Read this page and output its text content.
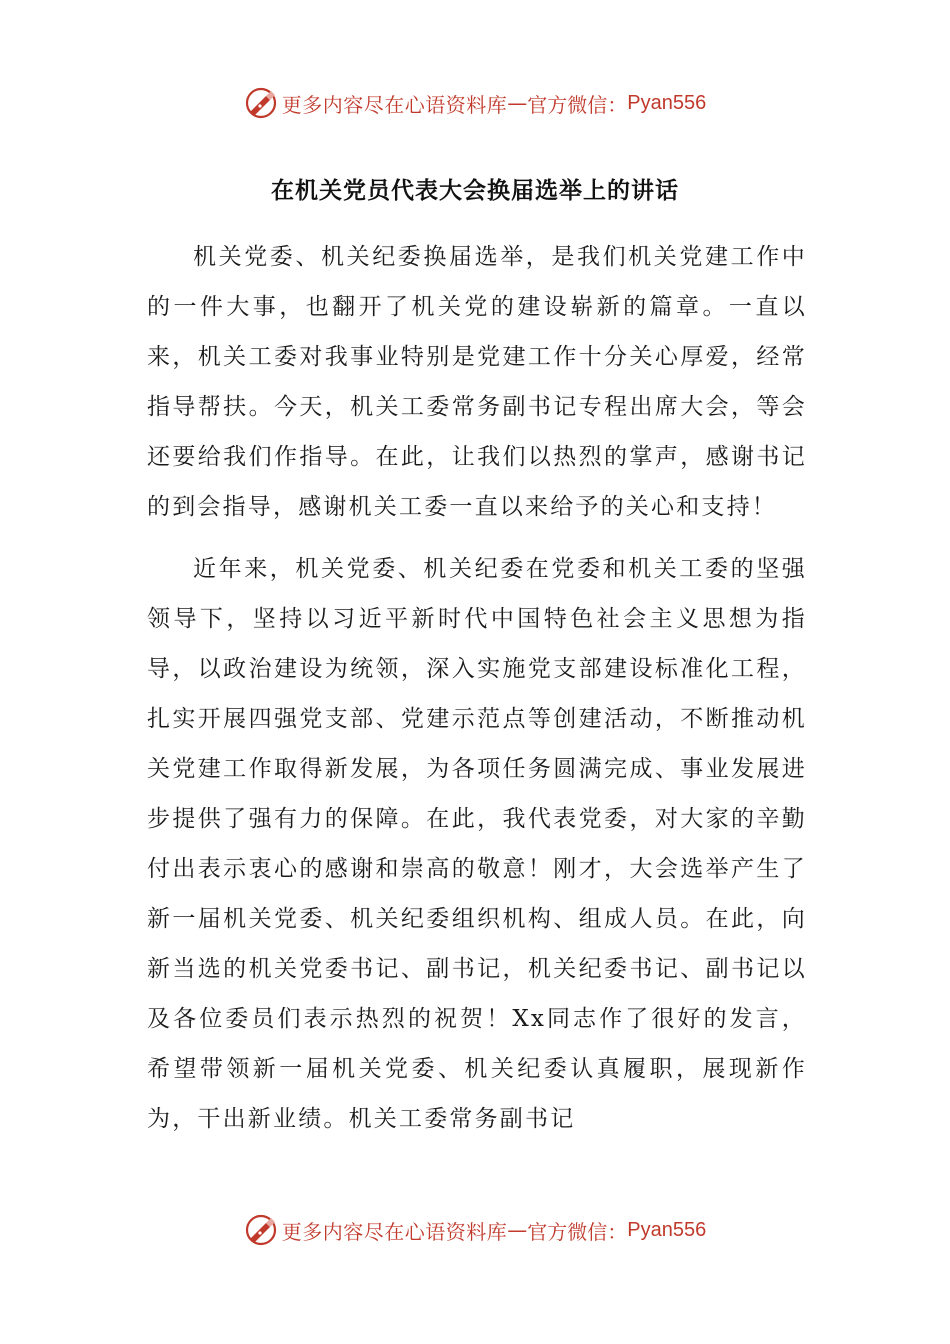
更多内容尽在心语资料库 — 官方微信： Pyan556
在机关党员代表大会换届选举上的讲话

机关党委、机关纪委换届选举，是我们机关党建工作中的一件大事，也翻开了机关党的建设崭新的篇章。一直以来，机关工委对我事业特别是党建工作十分关心厚爱，经常指导帮扶。今天，机关工委常务副书记专程出席大会，等会还要给我们作指导。在此，让我们以热烈的掌声，感谢书记的到会指导，感谢机关工委一直以来给予的关心和支持！

近年来，机关党委、机关纪委在党委和机关工委的坚强领导下，坚持以习近平新时代中国特色社会主义思想为指导，以政治建设为统领，深入实施党支部建设标准化工程，扎实开展四强党支部、党建示范点等创建活动，不断推动机关党建工作取得新发展，为各项任务圆满完成、事业发展进步提供了强有力的保障。在此，我代表党委，对大家的辛勤付出表示衷心的感谢和崇高的敬意！刚才，大会选举产生了新一届机关党委、机关纪委组织机构、组成人员。在此，向新当选的机关党委书记、副书记，机关纪委书记、副书记以及各位委员们表示热烈的祝贺！Xx同志作了很好的发言，希望带领新一届机关党委、机关纪委认真履职，展现新作为，干出新业绩。机关工委常务副书记

更多内容尽在心语资料库 — 官方微信： Pyan556
